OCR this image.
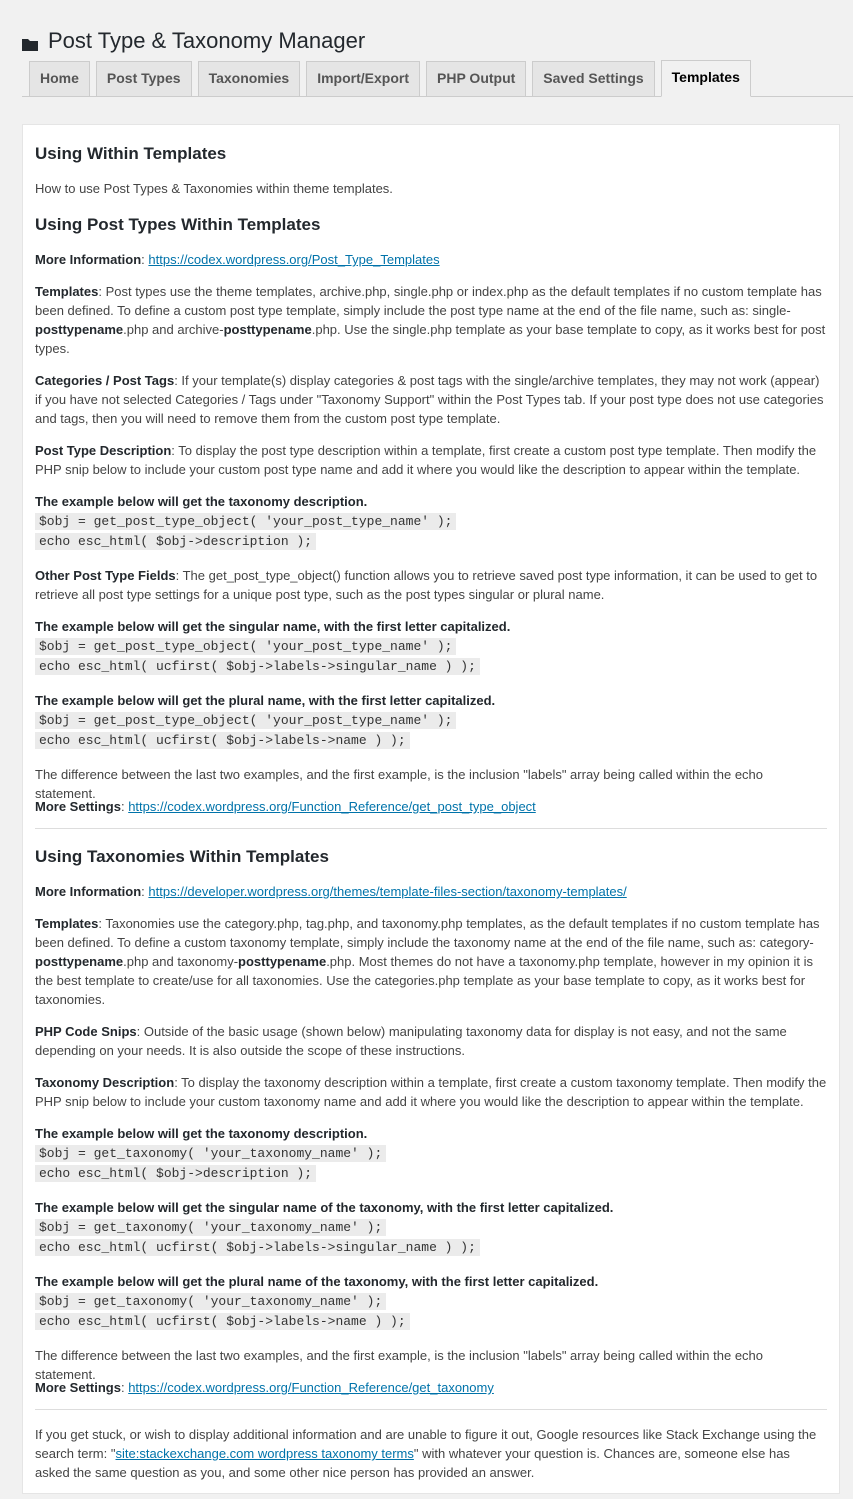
Post Type & Taxonomy Manager
Home	Post Types	Taxonomies	Import/Export	PHP Output	Saved Settings	Templates
Using Within Templates

How to use Post Types & Taxonomies within theme templates.

Using Post Types Within Templates

More Information: https://codex.wordpress.org/Post_Type_Templates

Templates: Post types use the theme templates, archive.php, single.php or index.php as the default templates if no custom template has been defined. To define a custom post type template, simply include the post type name at the end of the file name, such as: single-posttypename.php and archive-posttypename.php. Use the single.php template as your base template to copy, as it works best for post types.

Categories / Post Tags: If your template(s) display categories & post tags with the single/archive templates, they may not work (appear) if you have not selected Categories / Tags under "Taxonomy Support" within the Post Types tab. If your post type does not use categories and tags, then you will need to remove them from the custom post type template.

Post Type Description: To display the post type description within a template, first create a custom post type template. Then modify the PHP snip below to include your custom post type name and add it where you would like the description to appear within the template.

The example below will get the taxonomy description.
$obj = get_post_type_object( 'your_post_type_name' );
echo esc_html( $obj->description );

Other Post Type Fields: The get_post_type_object() function allows you to retrieve saved post type information, it can be used to get to retrieve all post type settings for a unique post type, such as the post types singular or plural name.

The example below will get the singular name, with the first letter capitalized.
$obj = get_post_type_object( 'your_post_type_name' );
echo esc_html( ucfirst( $obj->labels->singular_name ) );
The example below will get the plural name, with the first letter capitalized.
$obj = get_post_type_object( 'your_post_type_name' );
echo esc_html( ucfirst( $obj->labels->name ) );

The difference between the last two examples, and the first example, is the inclusion "labels" array being called within the echo statement.

More Settings: https://codex.wordpress.org/Function_Reference/get_post_type_object

Using Taxonomies Within Templates

More Information: https://developer.wordpress.org/themes/template-files-section/taxonomy-templates/

Templates: Taxonomies use the category.php, tag.php, and taxonomy.php templates, as the default templates if no custom template has been defined. To define a custom taxonomy template, simply include the taxonomy name at the end of the file name, such as: category-posttypename.php and taxonomy-posttypename.php. Most themes do not have a taxonomy.php template, however in my opinion it is the best template to create/use for all taxonomies. Use the categories.php template as your base template to copy, as it works best for taxonomies.

PHP Code Snips: Outside of the basic usage (shown below) manipulating taxonomy data for display is not easy, and not the same depending on your needs. It is also outside the scope of these instructions.

Taxonomy Description: To display the taxonomy description within a template, first create a custom taxonomy template. Then modify the PHP snip below to include your custom taxonomy name and add it where you would like the description to appear within the template.

The example below will get the taxonomy description.
$obj = get_taxonomy( 'your_taxonomy_name' );
echo esc_html( $obj->description );
The example below will get the singular name of the taxonomy, with the first letter capitalized.
$obj = get_taxonomy( 'your_taxonomy_name' );
echo esc_html( ucfirst( $obj->labels->singular_name ) );
The example below will get the plural name of the taxonomy, with the first letter capitalized.
$obj = get_taxonomy( 'your_taxonomy_name' );
echo esc_html( ucfirst( $obj->labels->name ) );

The difference between the last two examples, and the first example, is the inclusion "labels" array being called within the echo statement.

More Settings: https://codex.wordpress.org/Function_Reference/get_taxonomy

If you get stuck, or wish to display additional information and are unable to figure it out, Google resources like Stack Exchange using the search term: "site:stackexchange.com wordpress taxonomy terms" with whatever your question is. Chances are, someone else has asked the same question as you, and some other nice person has provided an answer.
